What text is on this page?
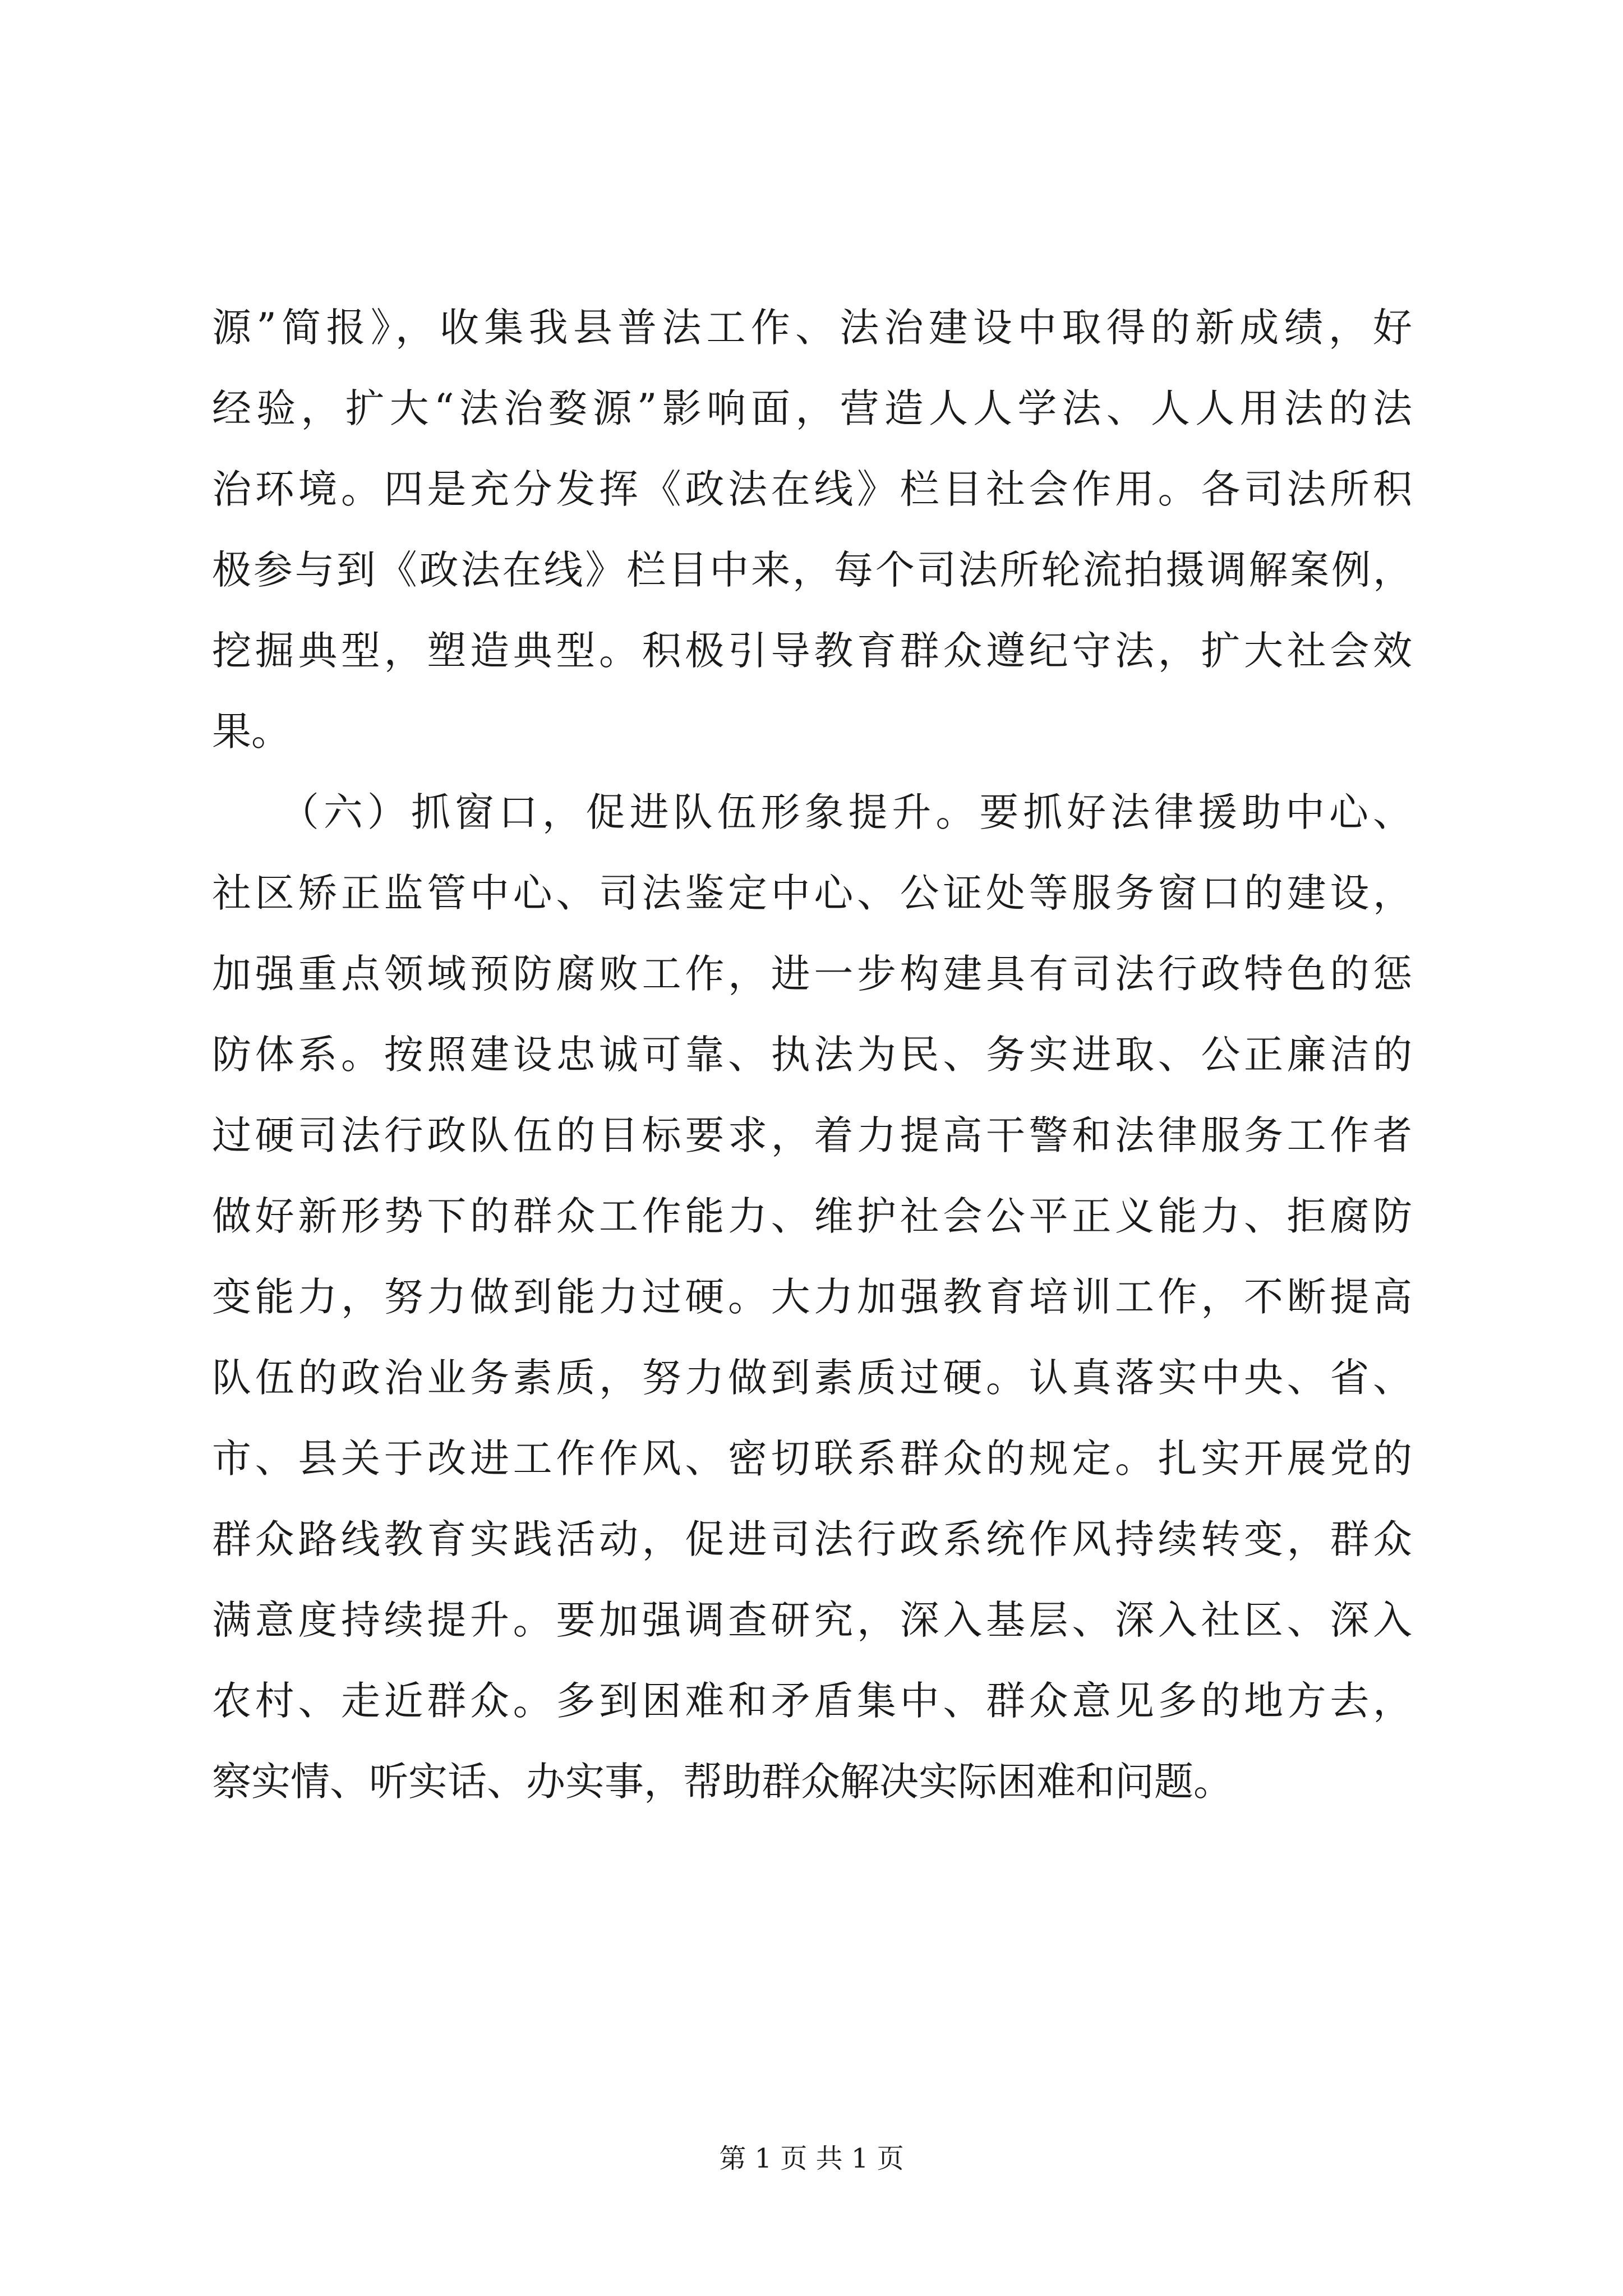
源”简报》，收集我县普法工作、法治建设中取得的新成绩，好
经验，扩大“法治婺源”影响面，营造人人学法、人人用法的法
治环境。四是充分发挥《政法在线》栏目社会作用。各司法所积
极参与到《政法在线》栏目中来，每个司法所轮流拍摄调解案例，
挖掘典型，塑造典型。积极引导教育群众遵纪守法，扩大社会效
果。
　　（六）抓窗口，促进队伍形象提升。要抓好法律援助中心、
社区矫正监管中心、司法鉴定中心、公证处等服务窗口的建设，
加强重点领域预防腐败工作，进一步构建具有司法行政特色的惩
防体系。按照建设忠诚可靠、执法为民、务实进取、公正廉洁的
过硬司法行政队伍的目标要求，着力提高干警和法律服务工作者
做好新形势下的群众工作能力、维护社会公平正义能力、拒腐防
变能力，努力做到能力过硬。大力加强教育培训工作，不断提高
队伍的政治业务素质，努力做到素质过硬。认真落实中央、省、
市、县关于改进工作作风、密切联系群众的规定。扎实开展党的
群众路线教育实践活动，促进司法行政系统作风持续转变，群众
满意度持续提升。要加强调查研究，深入基层、深入社区、深入
农村、走近群众。多到困难和矛盾集中、群众意见多的地方去，
察实情、听实话、办实事，帮助群众解决实际困难和问题。
第 1 页 共 1 页
